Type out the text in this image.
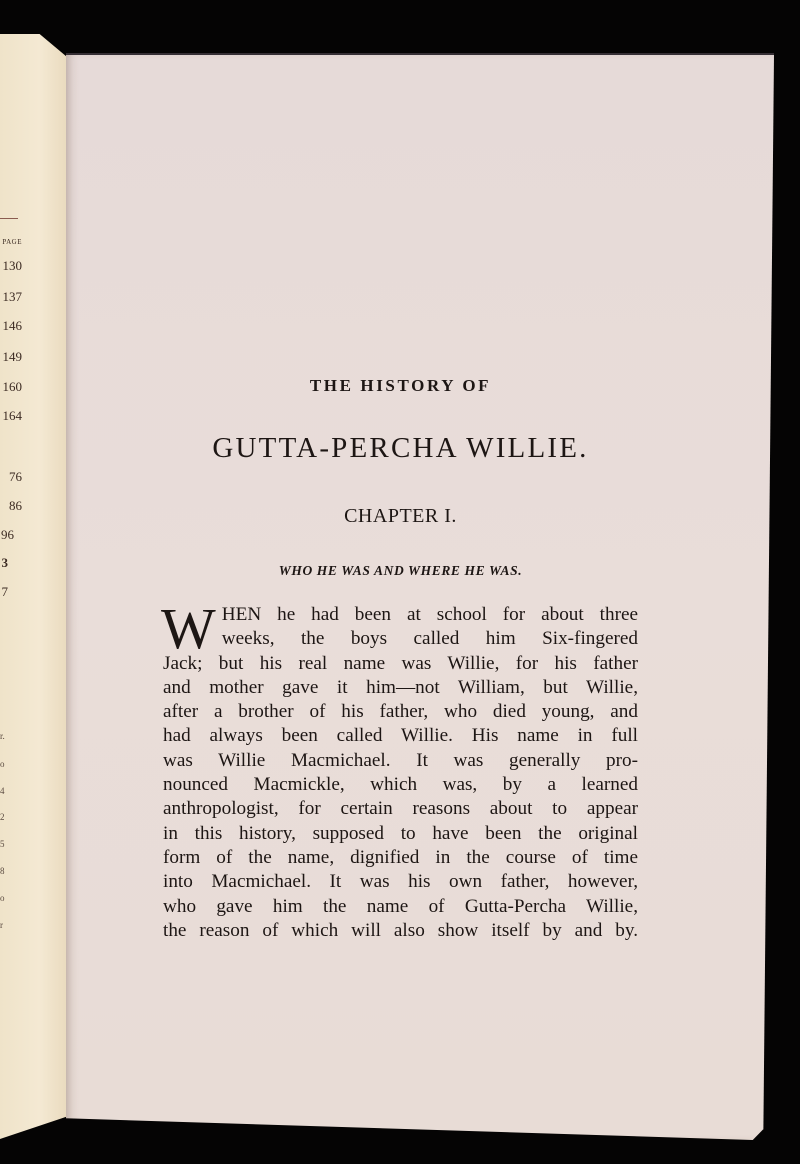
PAGE
130
137
146
149
160
164
76
86
96
3
7
r.
o
4
2
5
8
o
r
THE HISTORY OF
GUTTA-PERCHA WILLIE.
CHAPTER I.
WHO HE WAS AND WHERE HE WAS.
W HEN he had been at school for about three
weeks, the boys called him Six-fingered
Jack; but his real name was Willie, for his father
and mother gave it him—not William, but Willie,
after a brother of his father, who died young, and
had always been called Willie. His name in full
was Willie Macmichael. It was generally pro-
nounced Macmickle, which was, by a learned
anthropologist, for certain reasons about to appear
in this history, supposed to have been the original
form of the name, dignified in the course of time
into Macmichael. It was his own father, however,
who gave him the name of Gutta-Percha Willie,
the reason of which will also show itself by and by.
